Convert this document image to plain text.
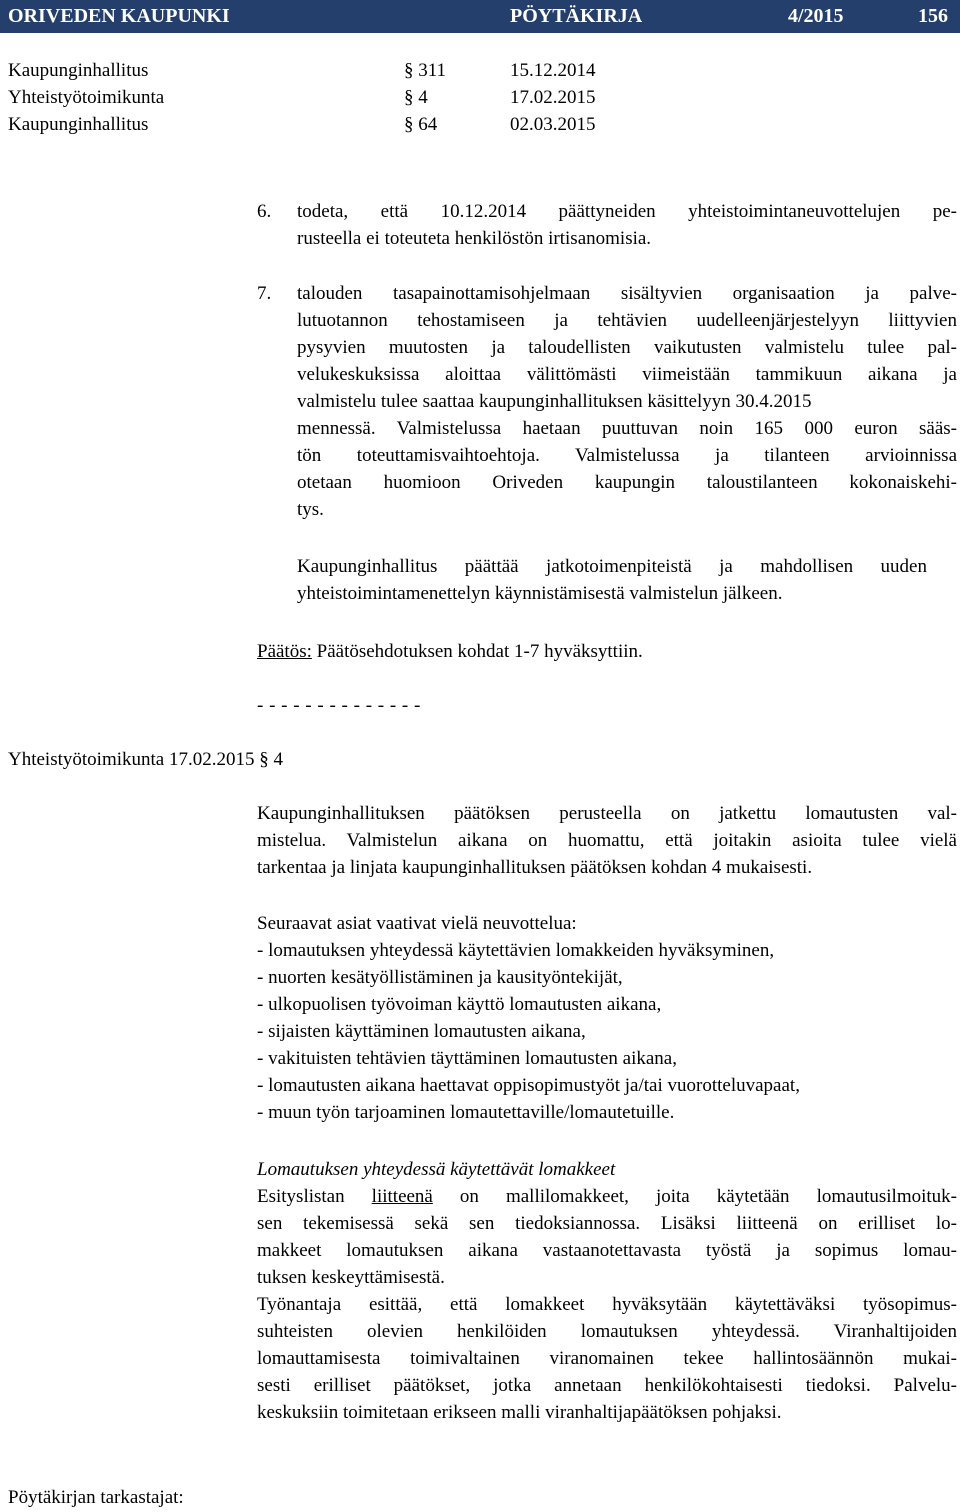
ORIVEDEN KAUPUNKI	PÖYTÄKIRJA	4/2015	156
Kaupunginhallitus	§ 311	15.12.2014
Yhteistyötoimikunta	§ 4	17.02.2015
Kaupunginhallitus	§ 64	02.03.2015
6. todeta, että 10.12.2014 päättyneiden yhteistoimintaneuvottelujen pe-
rusteella ei toteuteta henkilöstön irtisanomisia.
7. talouden tasapainottamisohjelmaan sisältyvien organisaation ja palve-
lutuotannon tehostamiseen ja tehtävien uudelleenjärjestelyyn liittyvien
pysyvien muutosten ja taloudellisten vaikutusten valmistelu tulee pal-
velukeskuksissa aloittaa välittömästi viimeistään tammikuun aikana ja
valmistelu tulee saattaa kaupunginhallituksen käsittelyyn 30.4.2015
mennessä. Valmistelussa haetaan puuttuvan noin 165 000 euron sääs-
tön toteuttamisvaihtoehtoja. Valmistelussa ja tilanteen arvioinnissa
otetaan huomioon Oriveden kaupungin taloustilanteen kokonaiskehi-
tys.
Kaupunginhallitus päättää jatkotoimenpiteistä ja mahdollisen uuden
yhteistoimintamenettelyn käynnistämisestä valmistelun jälkeen.
Päätös: Päätösehdotuksen kohdat 1-7 hyväksyttiin.
- - - - - - - - - - - - - -
Yhteistyötoimikunta 17.02.2015 § 4
Kaupunginhallituksen päätöksen perusteella on jatkettu lomautusten val-
mistelua. Valmistelun aikana on huomattu, että joitakin asioita tulee vielä
tarkentaa ja linjata kaupunginhallituksen päätöksen kohdan 4 mukaisesti.
Seuraavat asiat vaativat vielä neuvottelua:
- lomautuksen yhteydessä käytettävien lomakkeiden hyväksyminen,
- nuorten kesätyöllistäminen ja kausityöntekijät,
- ulkopuolisen työvoiman käyttö lomautusten aikana,
- sijaisten käyttäminen lomautusten aikana,
- vakituisten tehtävien täyttäminen lomautusten aikana,
- lomautusten aikana haettavat oppisopimustyöt ja/tai vuorotteluvapaat,
- muun työn tarjoaminen lomautettaville/lomautetuille.
Lomautuksen yhteydessä käytettävät lomakkeet
Esityslistan liitteenä on mallilomakkeet, joita käytetään lomautusilmoituk-
sen tekemisessä sekä sen tiedoksiannossa. Lisäksi liitteenä on erilliset lo-
makkeet lomautuksen aikana vastaanotettavasta työstä ja sopimus lomau-
tuksen keskeyttämisestä.
Työnantaja esittää, että lomakkeet hyväksytään käytettäväksi työsopimus-
suhteisten olevien henkilöiden lomautuksen yhteydessä. Viranhaltijoiden
lomauttamisesta toimivaltainen viranomainen tekee hallintosäännön mukai-
sesti erilliset päätökset, jotka annetaan henkilökohtaisesti tiedoksi. Palvelu-
keskuksiin toimitetaan erikseen malli viranhaltijapäätöksen pohjaksi.
Pöytäkirjan tarkastajat:
